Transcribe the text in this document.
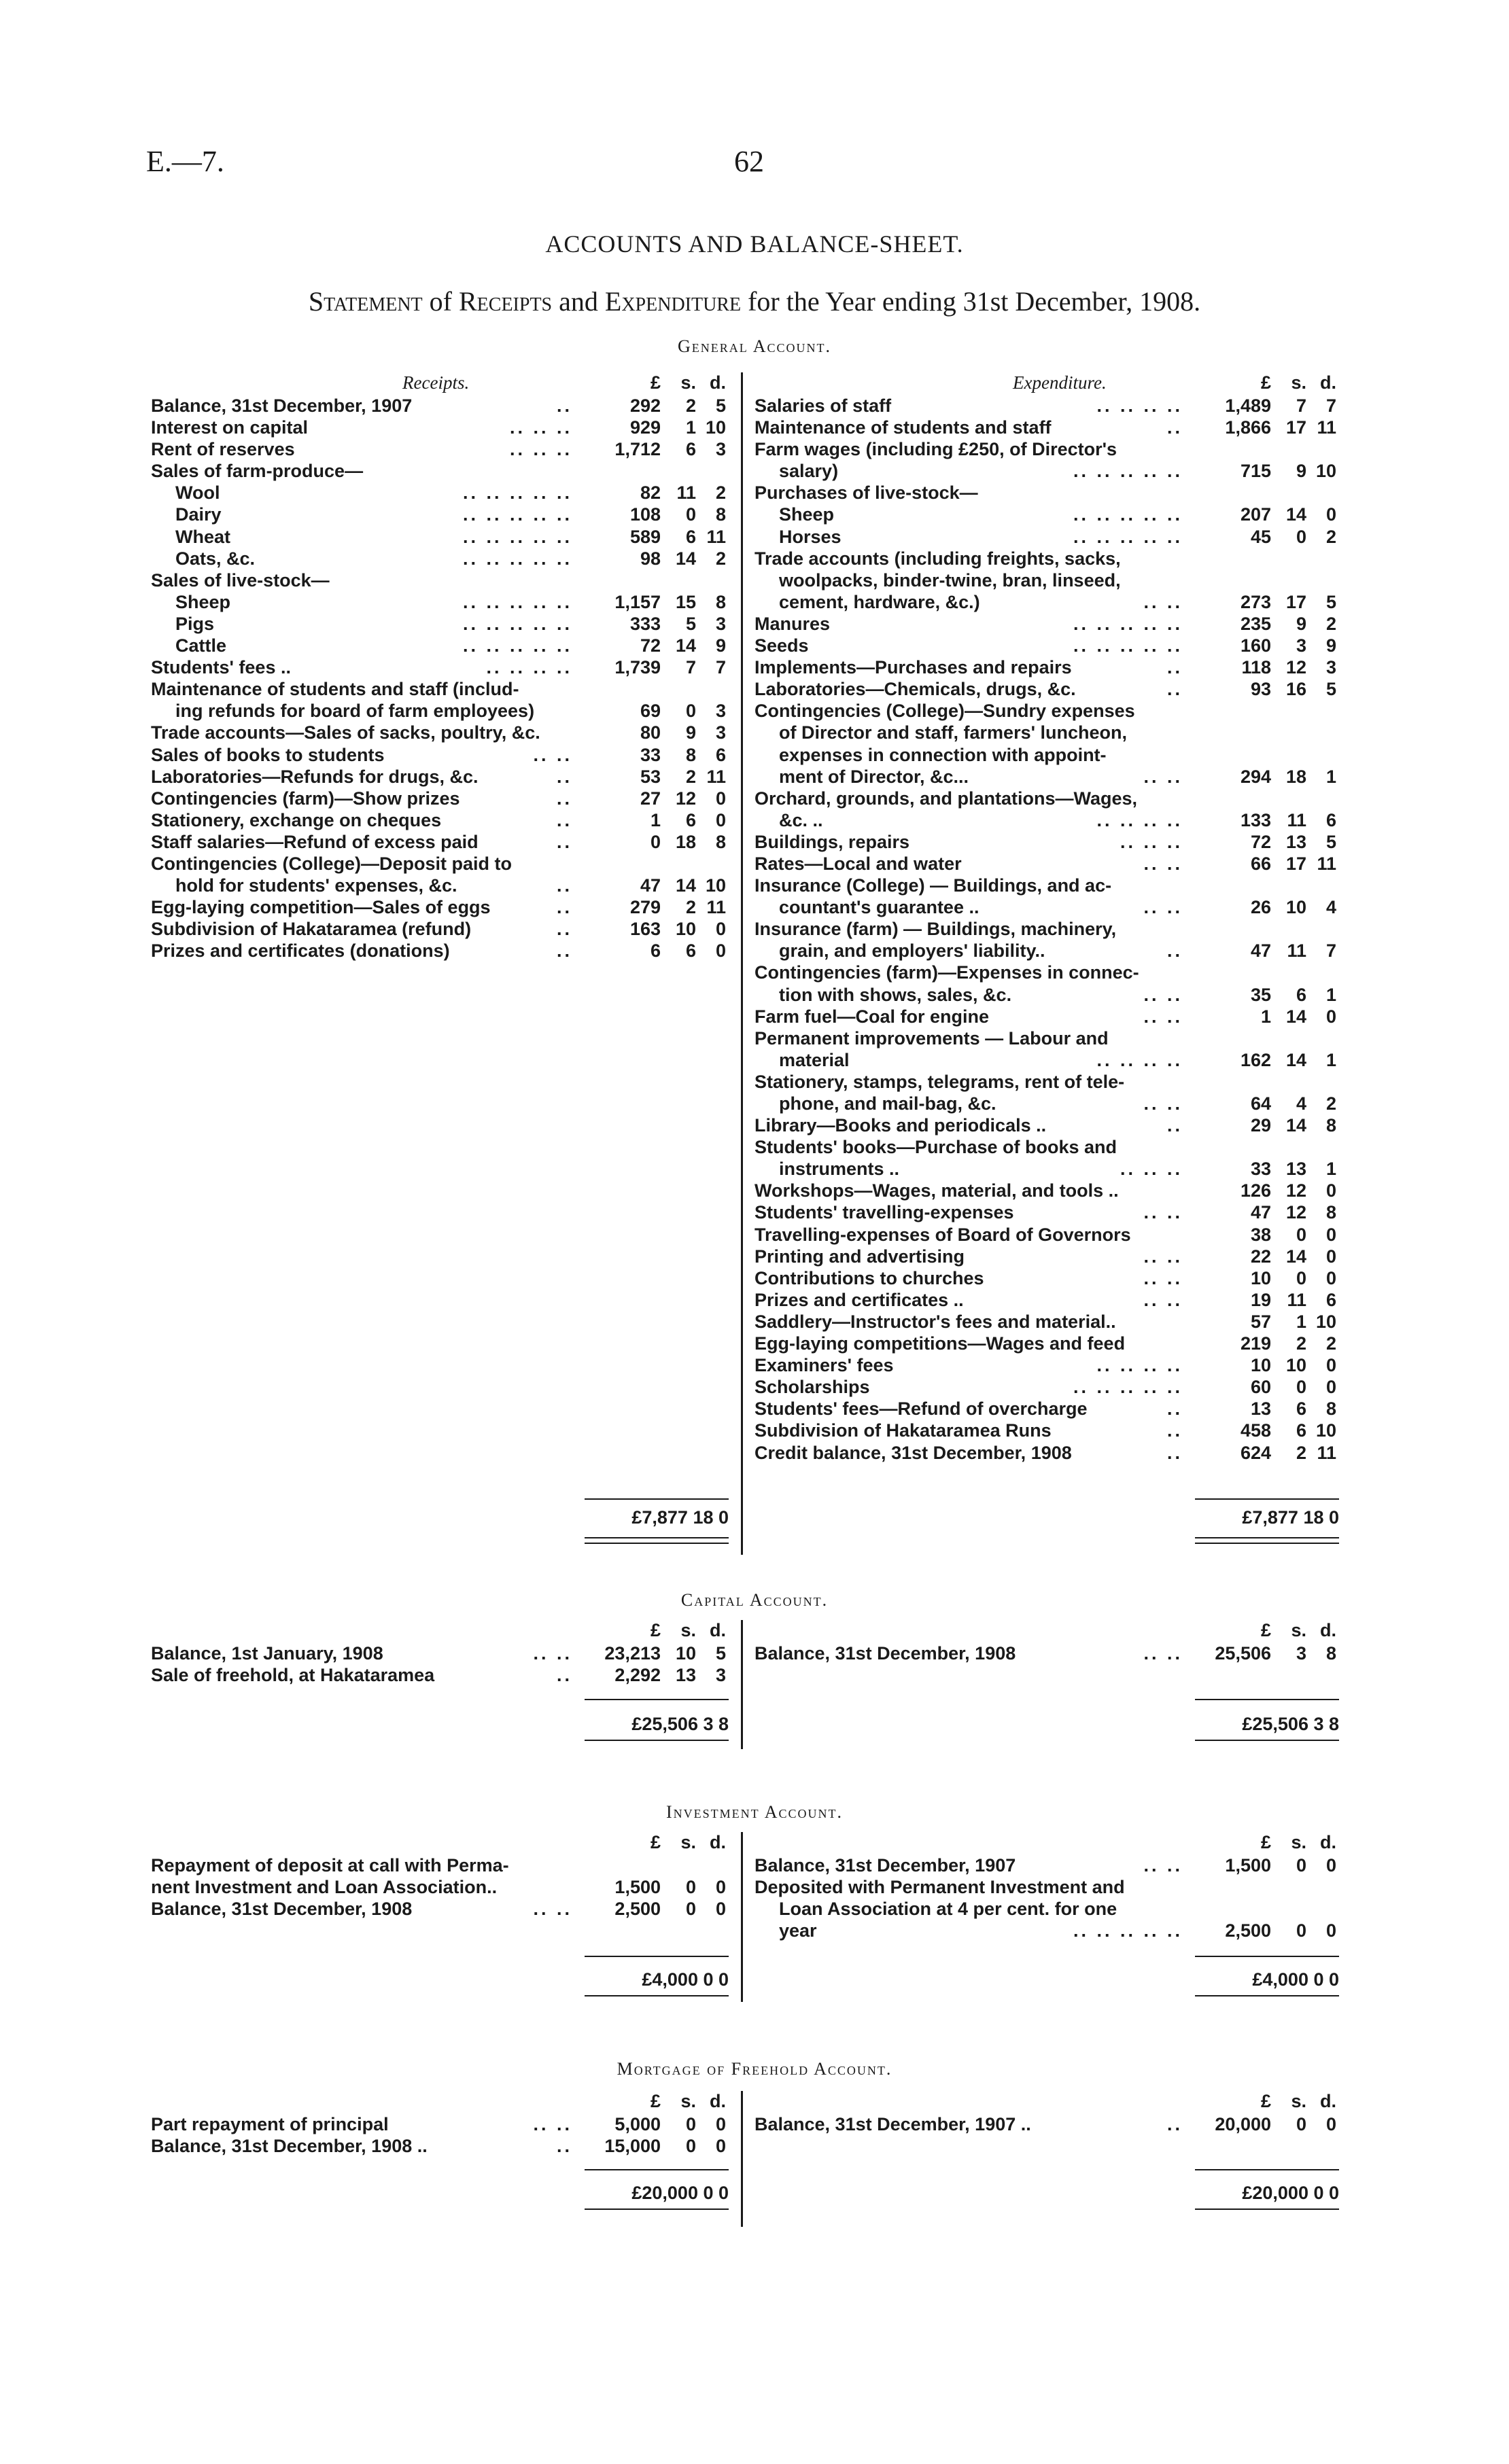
E.—7.	62
ACCOUNTS AND BALANCE-SHEET.
Statement of Receipts and Expenditure for the Year ending 31st December, 1908.
General Account.
Receipts.	£ s. d.	Expenditure.	£ s. d.
Balance, 31st December, 1907	..	292 2 5
Interest on capital	.. .. ..	929 1 10
Rent of reserves	.. .. .. 1,712 6 3
Sales of farm-produce—
Wool	.. .. .. .. ..	82 11 2
Dairy	.. .. .. .. ..	108 0 8
Wheat	.. .. .. .. ..	589 6 11
Oats, &c.	.. .. .. .. ..	98 14 2
Sales of live-stock—
Sheep	.. .. .. .. .. 1,157 15 8
Pigs	.. .. .. .. ..	333 5 3
Cattle	.. .. .. .. ..	72 14 9
Students' fees ..	.. .. .. .. 1,739 7 7
Maintenance of students and staff (includ-
ing refunds for board of farm employees)	69 0 3
Trade accounts—Sales of sacks, poultry, &c.	80 9 3
Sales of books to students	.. ..	33 8 6
Laboratories—Refunds for drugs, &c.	..	53 2 11
Contingencies (farm)—Show prizes	..	27 12 0
Stationery, exchange on cheques	..	1 6 0
Staff salaries—Refund of excess paid	..	0 18 8
Contingencies (College)—Deposit paid to
hold for students' expenses, &c.	..	47 14 10
Egg-laying competition—Sales of eggs	..	279 2 11
Subdivision of Hakataramea (refund)	..	163 10 0
Prizes and certificates (donations)	..	6 6 0
Salaries of staff	.. .. .. .. 1,489 7 7
Maintenance of students and staff	.. 1,866 17 11
Farm wages (including £250, of Director's
salary)	.. .. .. .. ..	715 9 10
Purchases of live-stock—
Sheep	.. .. .. .. ..	207 14 0
Horses	.. .. .. .. ..	45 0 2
Trade accounts (including freights, sacks,
woolpacks, binder-twine, bran, linseed,
cement, hardware, &c.)	.. ..	273 17 5
Manures	.. .. .. .. ..	235 9 2
Seeds	.. .. .. .. ..	160 3 9
Implements—Purchases and repairs	..	118 12 3
Laboratories—Chemicals, drugs, &c.	..	93 16 5
Contingencies (College)—Sundry expenses
of Director and staff, farmers' luncheon,
expenses in connection with appoint-
ment of Director, &c...	.. ..	294 18 1
Orchard, grounds, and plantations—Wages,
&c. ..	.. .. .. ..	133 11 6
Buildings, repairs	.. .. ..	72 13 5
Rates—Local and water	.. ..	66 17 11
Insurance (College) — Buildings, and ac-
countant's guarantee ..	.. ..	26 10 4
Insurance (farm) — Buildings, machinery,
grain, and employers' liability..	..	47 11 7
Contingencies (farm)—Expenses in connec-
tion with shows, sales, &c.	.. ..	35 6 1
Farm fuel—Coal for engine	.. ..	1 14 0
Permanent improvements — Labour and
material	.. .. .. ..	162 14 1
Stationery, stamps, telegrams, rent of tele-
phone, and mail-bag, &c.	.. ..	64 4 2
Library—Books and periodicals ..	..	29 14 8
Students' books—Purchase of books and
instruments ..	.. .. ..	33 13 1
Workshops—Wages, material, and tools ..	126 12 0
Students' travelling-expenses	.. ..	47 12 8
Travelling-expenses of Board of Governors	38 0 0
Printing and advertising	.. ..	22 14 0
Contributions to churches	.. ..	10 0 0
Prizes and certificates ..	.. ..	19 11 6
Saddlery—Instructor's fees and material..	57 1 10
Egg-laying competitions—Wages and feed	219 2 2
Examiners' fees	.. .. .. ..	10 10 0
Scholarships	.. .. .. .. ..	60 0 0
Students' fees—Refund of overcharge	..	13 6 8
Subdivision of Hakataramea Runs	..	458 6 10
Credit balance, 31st December, 1908	..	624 2 11
£7,877 18 0	£7,877 18 0
Capital Account.
£ s. d.	£ s. d.
Balance, 1st January, 1908	.. .. 23,213 10 5
Sale of freehold, at Hakataramea	.. 2,292 13 3
Balance, 31st December, 1908	.. .. 25,506 3 8
£25,506 3 8	£25,506 3 8
Investment Account.
£ s. d.	£ s. d.
Repayment of deposit at call with Perma-
nent Investment and Loan Association..	1,500 0 0
Balance, 31st December, 1908	.. .. 2,500 0 0
Balance, 31st December, 1907	.. .. 1,500 0 0
Deposited with Permanent Investment and
Loan Association at 4 per cent. for one
year	.. .. .. .. .. 2,500 0 0
£4,000 0 0	£4,000 0 0
Mortgage of Freehold Account.
£ s. d.	£ s. d.
Part repayment of principal	.. .. 5,000 0 0
Balance, 31st December, 1908 ..	.. 15,000 0 0
Balance, 31st December, 1907 ..	.. 20,000 0 0
£20,000 0 0	£20,000 0 0
